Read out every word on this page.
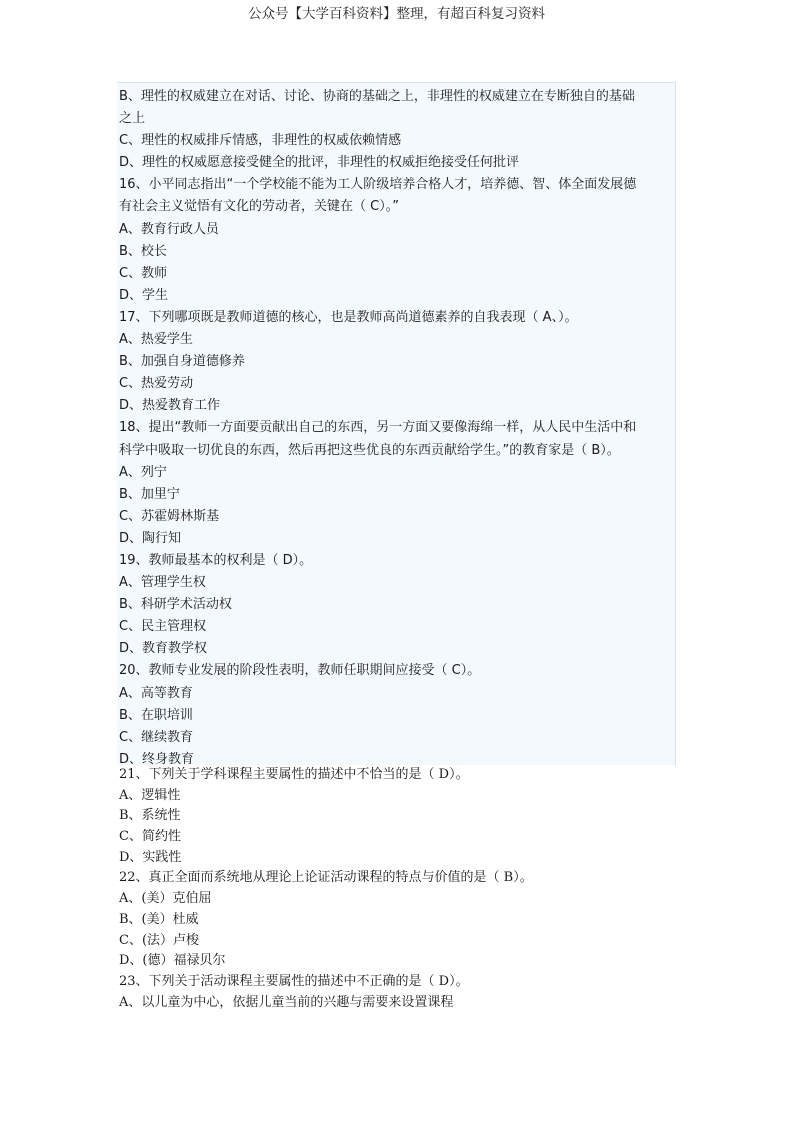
公众号【大学百科资料】整理，有超百科复习资料
B、理性的权威建立在对话、讨论、协商的基础之上，非理性的权威建立在专断独自的基础
之上
C、理性的权威排斥情感，非理性的权威依赖情感
D、理性的权威愿意接受健全的批评，非理性的权威拒绝接受任何批评
16、小平同志指出“一个学校能不能为工人阶级培养合格人才，培养德、智、体全面发展德
有社会主义觉悟有文化的劳动者，关键在（ C）。”
A、教育行政人员
B、校长
C、教师
D、学生
17、下列哪项既是教师道德的核心，也是教师高尚道德素养的自我表现（ A、）。
A、热爱学生
B、加强自身道德修养
C、热爱劳动
D、热爱教育工作
18、提出“教师一方面要贡献出自己的东西，另一方面又要像海绵一样，从人民中生活中和
科学中吸取一切优良的东西，然后再把这些优良的东西贡献给学生。”的教育家是（ B）。
A、列宁
B、加里宁
C、苏霍姆林斯基
D、陶行知
19、教师最基本的权利是（ D）。
A、管理学生权
B、科研学术活动权
C、民主管理权
D、教育教学权
20、教师专业发展的阶段性表明，教师任职期间应接受（ C）。
A、高等教育
B、在职培训
C、继续教育
D、终身教育
21、下列关于学科课程主要属性的描述中不恰当的是（ D）。
A、逻辑性
B、系统性
C、简约性
D、实践性
22、真正全面而系统地从理论上论证活动课程的特点与价值的是（ B）。
A、(美）克伯屈
B、(美）杜威
C、(法）卢梭
D、(德）福禄贝尔
23、下列关于活动课程主要属性的描述中不正确的是（ D）。
A、以儿童为中心，依据儿童当前的兴趣与需要来设置课程
